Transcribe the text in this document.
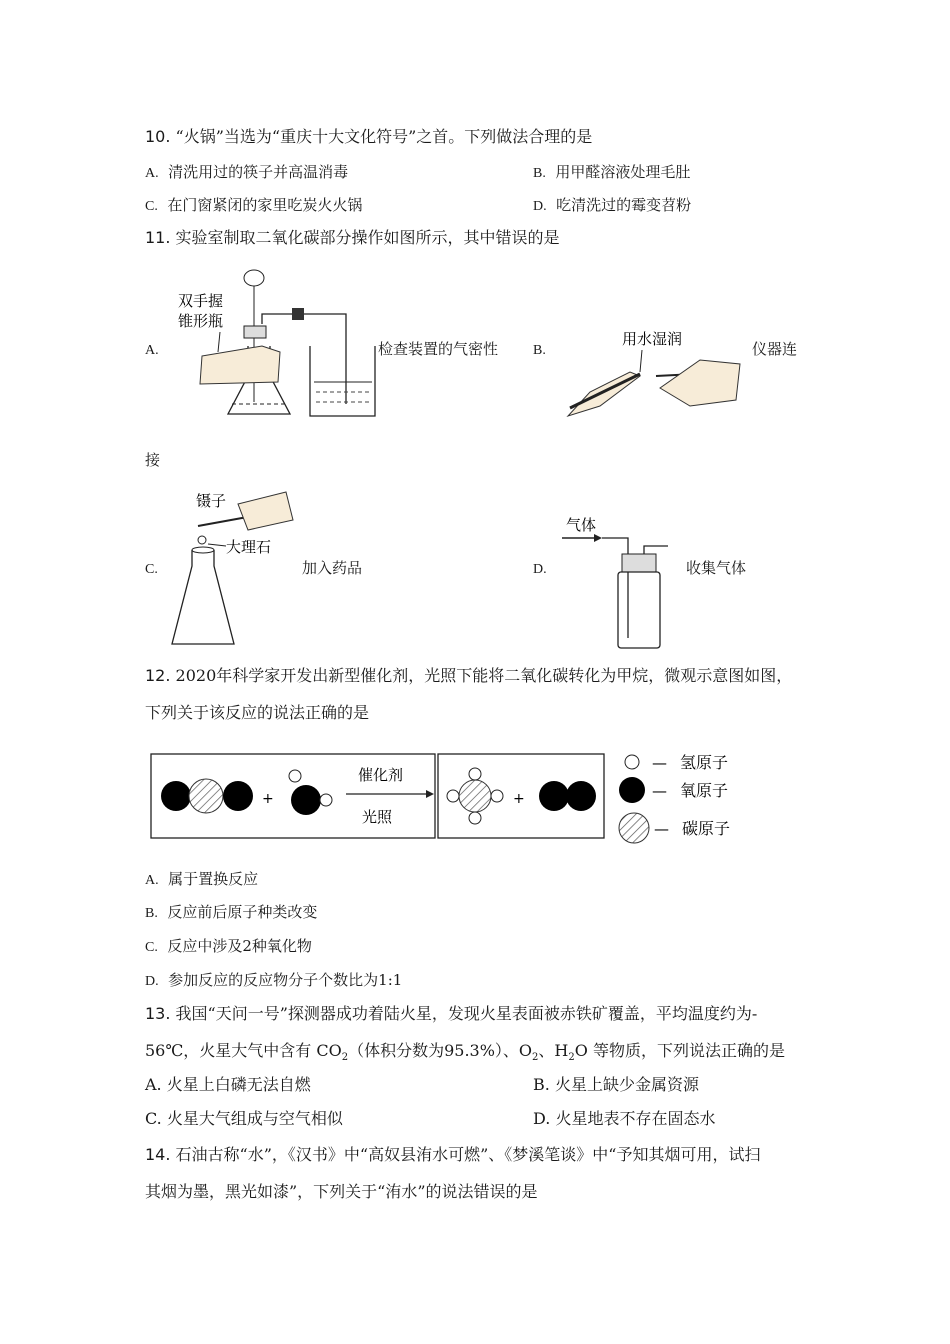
10. “火锅”当选为“重庆十大文化符号”之首。下列做法合理的是
A. 清洗用过的筷子并高温消毒	B. 用甲醛溶液处理毛肚
C. 在门窗紧闭的家里吃炭火火锅	D. 吃清洗过的霉变苕粉
11. 实验室制取二氧化碳部分操作如图所示，其中错误的是
A.
双手握
锥形瓶
检查装置的气密性 B.
用水湿润
仪器连
接
C.
镊子
大理石
加入药品	D.
气体
收集气体
12. 2020年科学家开发出新型催化剂，光照下能将二氧化碳转化为甲烷，微观示意图如图，
下列关于该反应的说法正确的是
+
催化剂
光照
+
— 氢原子
— 氧原子
— 碳原子
A. 属于置换反应
B. 反应前后原子种类改变
C. 反应中涉及2种氧化物
D. 参加反应的反应物分子个数比为1:1
13. 我国“天问一号”探测器成功着陆火星，发现火星表面被赤铁矿覆盖，平均温度约为-
56℃，火星大气中含有 $CO_2$（体积分数为95.3%）、$O_2$、$H_2O$ 等物质，下列说法正确的是
A. 火星上白磷无法自燃	B. 火星上缺少金属资源
C. 火星大气组成与空气相似	D. 火星地表不存在固态水
14. 石油古称“水”，《汉书》中“高奴县洧水可燃”、《梦溪笔谈》中“予知其烟可用，试扫
其烟为墨，黑光如漆”，下列关于“洧水”的说法错误的是
